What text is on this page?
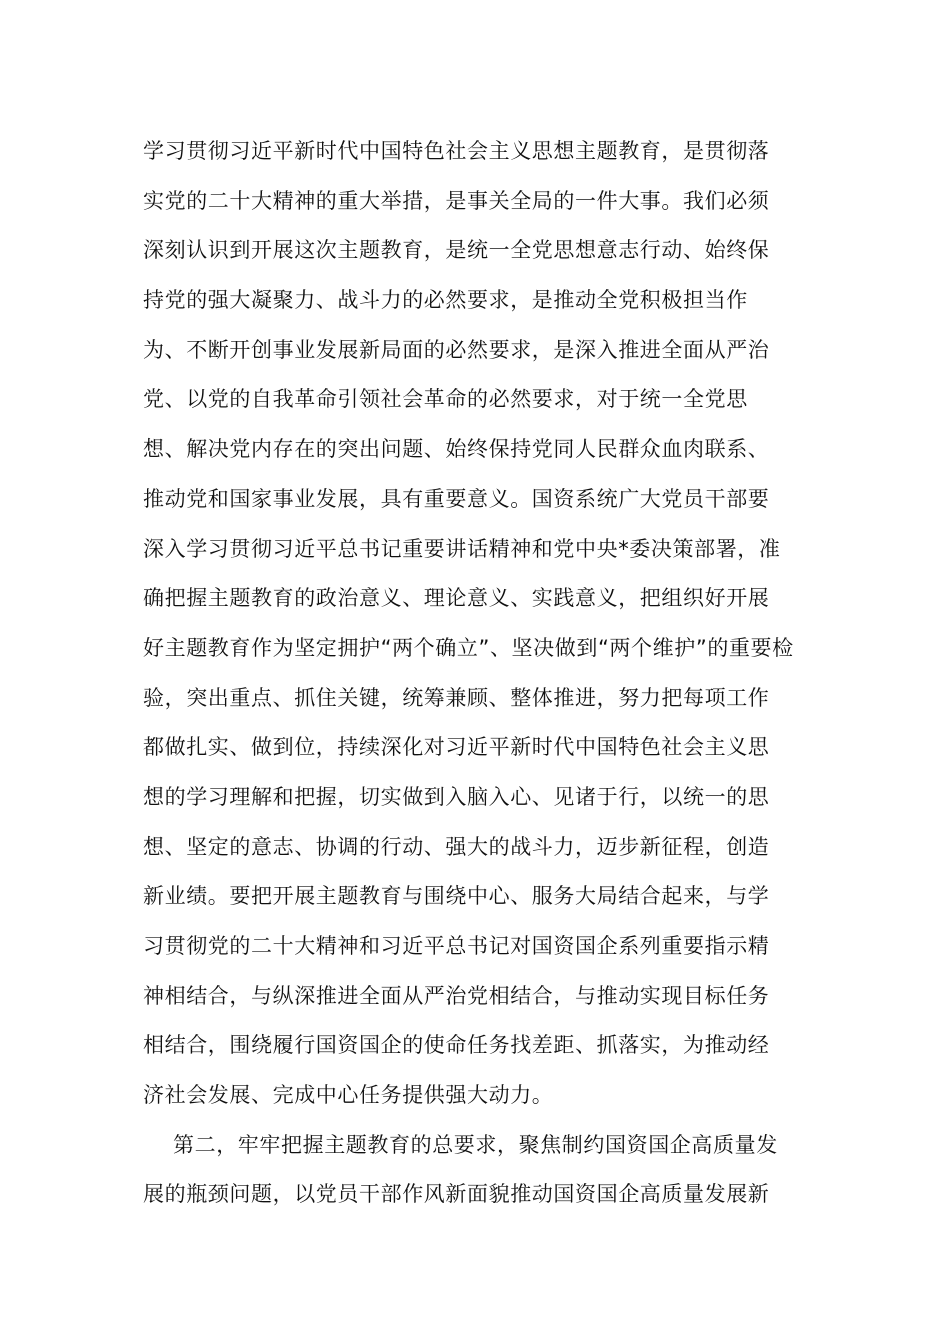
学习贯彻习近平新时代中国特色社会主义思想主题教育，是贯彻落
实党的二十大精神的重大举措，是事关全局的一件大事。我们必须
深刻认识到开展这次主题教育，是统一全党思想意志行动、始终保
持党的强大凝聚力、战斗力的必然要求，是推动全党积极担当作
为、不断开创事业发展新局面的必然要求，是深入推进全面从严治
党、以党的自我革命引领社会革命的必然要求，对于统一全党思
想、解决党内存在的突出问题、始终保持党同人民群众血肉联系、
推动党和国家事业发展，具有重要意义。国资系统广大党员干部要
深入学习贯彻习近平总书记重要讲话精神和党中央*委决策部署，准
确把握主题教育的政治意义、理论意义、实践意义，把组织好开展
好主题教育作为坚定拥护“两个确立”、坚决做到“两个维护”的重要检
验，突出重点、抓住关键，统筹兼顾、整体推进，努力把每项工作
都做扎实、做到位，持续深化对习近平新时代中国特色社会主义思
想的学习理解和把握，切实做到入脑入心、见诸于行，以统一的思
想、坚定的意志、协调的行动、强大的战斗力，迈步新征程，创造
新业绩。要把开展主题教育与围绕中心、服务大局结合起来，与学
习贯彻党的二十大精神和习近平总书记对国资国企系列重要指示精
神相结合，与纵深推进全面从严治党相结合，与推动实现目标任务
相结合，围绕履行国资国企的使命任务找差距、抓落实，为推动经
济社会发展、完成中心任务提供强大动力。
第二，牢牢把握主题教育的总要求，聚焦制约国资国企高质量发
展的瓶颈问题，以党员干部作风新面貌推动国资国企高质量发展新
